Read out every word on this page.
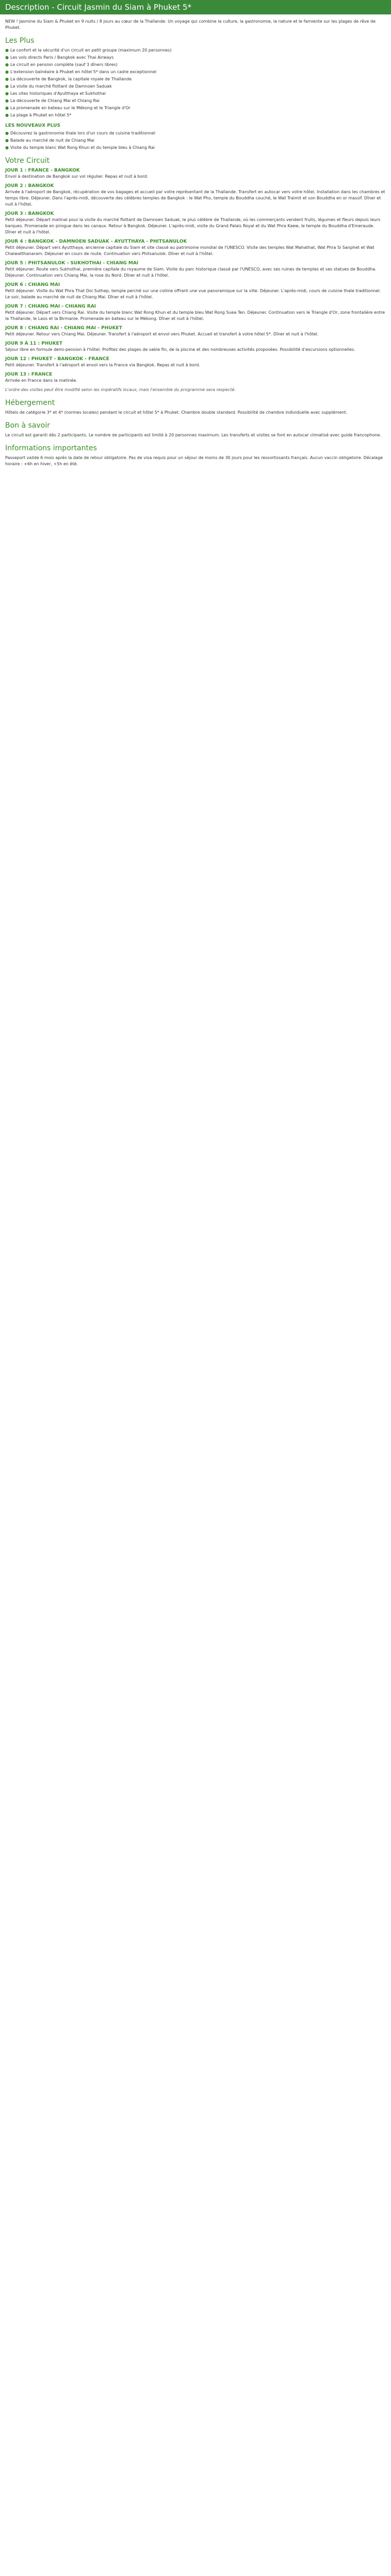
Description - Circuit Jasmin du Siam à Phuket 5*

NEW ! Jasmine du Siam & Phuket en 9 nuits / 8 jours au cœur de la Thaïlande. Un voyage qui combine la culture, la gastronomie, la nature et le farniente sur les plages de rêve de Phuket.

Les Plus
● Le confort et la sécurité d'un circuit en petit groupe (maximum 20 personnes)
● Les vols directs Paris / Bangkok avec Thai Airways
● Le circuit en pension complète (sauf 3 dîners libres)
● L'extension balnéaire à Phuket en hôtel 5* dans un cadre exceptionnel
● La découverte de Bangkok, la capitale royale de Thaïlande
● La visite du marché flottant de Damnoen Saduak
● Les sites historiques d'Ayutthaya et Sukhothai
● La découverte de Chiang Mai et Chiang Rai
● La promenade en bateau sur le Mékong et le Triangle d'Or
● La plage à Phuket en hôtel 5*
LES NOUVEAUX PLUS
● Découvrez la gastronomie thaïe lors d'un cours de cuisine traditionnel
● Balade au marché de nuit de Chiang Mai
● Visite du temple blanc Wat Rong Khun et du temple bleu à Chiang Rai
Votre Circuit
JOUR 1 : FRANCE - BANGKOK

Envol à destination de Bangkok sur vol régulier. Repas et nuit à bord.

JOUR 2 : BANGKOK

Arrivée à l'aéroport de Bangkok, récupération de vos bagages et accueil par votre représentant de la Thaïlande. Transfert en autocar vers votre hôtel. Installation dans les chambres et temps libre. Déjeuner. Dans l'après-midi, découverte des célèbres temples de Bangkok : le Wat Pho, temple du Bouddha couché, le Wat Traimit et son Bouddha en or massif. Dîner et nuit à l'hôtel.

JOUR 3 : BANGKOK

Petit déjeuner. Départ matinal pour la visite du marché flottant de Damnoen Saduak, le plus célèbre de Thaïlande, où les commerçants vendent fruits, légumes et fleurs depuis leurs barques. Promenade en pirogue dans les canaux. Retour à Bangkok. Déjeuner. L'après-midi, visite du Grand Palais Royal et du Wat Phra Kaew, le temple du Bouddha d'Emeraude. Dîner et nuit à l'hôtel.

JOUR 4 : BANGKOK - DAMNOEN SADUAK - AYUTTHAYA - PHITSANULOK

Petit déjeuner. Départ vers Ayutthaya, ancienne capitale du Siam et site classé au patrimoine mondial de l'UNESCO. Visite des temples Wat Mahathat, Wat Phra Si Sanphet et Wat Chaiwatthanaram. Déjeuner en cours de route. Continuation vers Phitsanulok. Dîner et nuit à l'hôtel.

JOUR 5 : PHITSANULOK - SUKHOTHAI - CHIANG MAI

Petit déjeuner. Route vers Sukhothai, première capitale du royaume de Siam. Visite du parc historique classé par l'UNESCO, avec ses ruines de temples et ses statues de Bouddha. Déjeuner. Continuation vers Chiang Mai, la rose du Nord. Dîner et nuit à l'hôtel.

JOUR 6 : CHIANG MAI

Petit déjeuner. Visite du Wat Phra That Doi Suthep, temple perché sur une colline offrant une vue panoramique sur la ville. Déjeuner. L'après-midi, cours de cuisine thaïe traditionnel. Le soir, balade au marché de nuit de Chiang Mai. Dîner et nuit à l'hôtel.

JOUR 7 : CHIANG MAI - CHIANG RAI

Petit déjeuner. Départ vers Chiang Rai. Visite du temple blanc Wat Rong Khun et du temple bleu Wat Rong Suea Ten. Déjeuner. Continuation vers le Triangle d'Or, zone frontalière entre la Thaïlande, le Laos et la Birmanie. Promenade en bateau sur le Mékong. Dîner et nuit à l'hôtel.

JOUR 8 : CHIANG RAI - CHIANG MAI - PHUKET

Petit déjeuner. Retour vers Chiang Mai. Déjeuner. Transfert à l'aéroport et envol vers Phuket. Accueil et transfert à votre hôtel 5*. Dîner et nuit à l'hôtel.

JOUR 9 À 11 : PHUKET

Séjour libre en formule demi-pension à l'hôtel. Profitez des plages de sable fin, de la piscine et des nombreuses activités proposées. Possibilité d'excursions optionnelles.

JOUR 12 : PHUKET - BANGKOK - FRANCE

Petit déjeuner. Transfert à l'aéroport et envol vers la France via Bangkok. Repas et nuit à bord.

JOUR 13 : FRANCE

Arrivée en France dans la matinée.

L'ordre des visites peut être modifié selon les impératifs locaux, mais l'ensemble du programme sera respecté.

Hébergement

Hôtels de catégorie 3* et 4* (normes locales) pendant le circuit et hôtel 5* à Phuket. Chambre double standard. Possibilité de chambre individuelle avec supplément.

Bon à savoir

Le circuit est garanti dès 2 participants. Le nombre de participants est limité à 20 personnes maximum. Les transferts et visites se font en autocar climatisé avec guide francophone.

Informations importantes

Passeport valide 6 mois après la date de retour obligatoire. Pas de visa requis pour un séjour de moins de 30 jours pour les ressortissants français. Aucun vaccin obligatoire. Décalage horaire : +6h en hiver, +5h en été.
